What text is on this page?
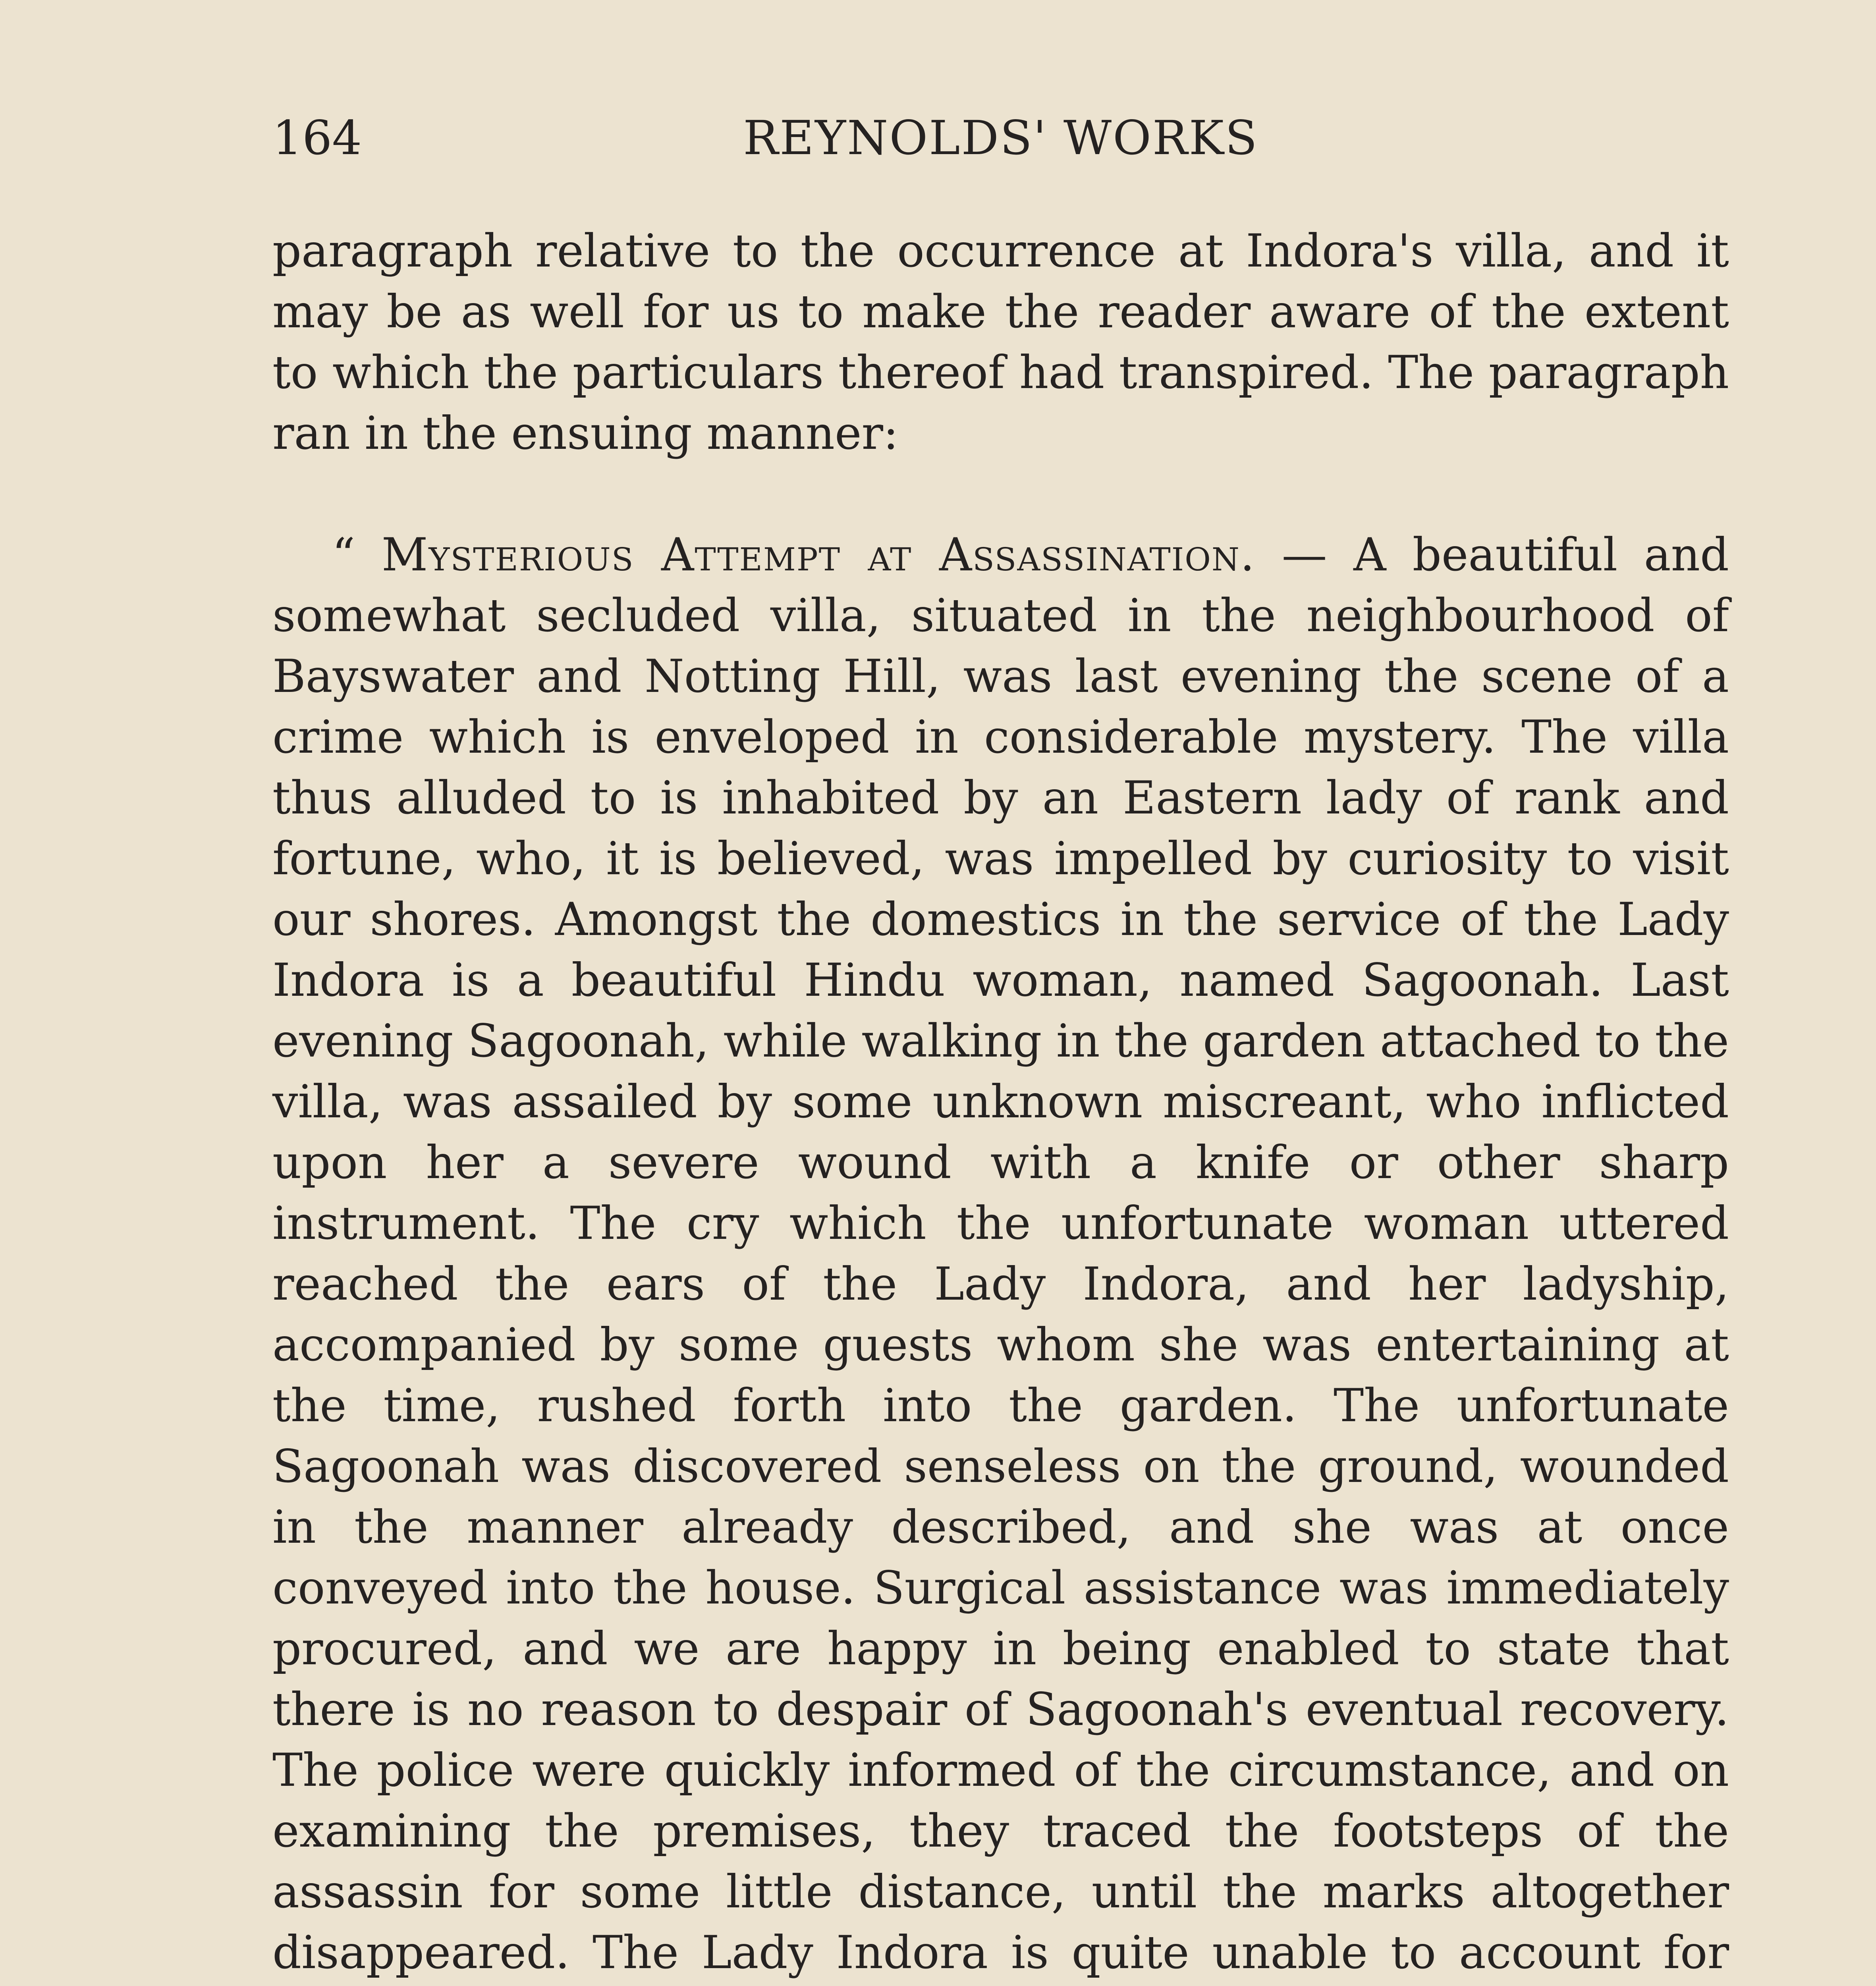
164	REYNOLDS' WORKS

paragraph relative to the occurrence at Indora's villa, and it may be as well for us to make the reader aware of the extent to which the particulars thereof had transpired. The paragraph ran in the ensuing manner:

“ Mysterious Attempt at Assassination. — A beautiful and somewhat secluded villa, situated in the neighbourhood of Bayswater and Notting Hill, was last evening the scene of a crime which is enveloped in considerable mystery. The villa thus alluded to is inhabited by an Eastern lady of rank and fortune, who, it is believed, was impelled by curiosity to visit our shores. Amongst the domestics in the service of the Lady Indora is a beautiful Hindu woman, named Sagoonah. Last evening Sagoonah, while walking in the garden attached to the villa, was assailed by some unknown miscreant, who inflicted upon her a severe wound with a knife or other sharp instrument. The cry which the unfortunate woman uttered reached the ears of the Lady Indora, and her ladyship, accompanied by some guests whom she was entertaining at the time, rushed forth into the garden. The unfortunate Sagoonah was discovered senseless on the ground, wounded in the manner already described, and she was at once conveyed into the house. Surgical assistance was immediately procured, and we are happy in being enabled to state that there is no reason to despair of Sagoonah's eventual recovery. The police were quickly informed of the circumstance, and on examining the premises, they traced the footsteps of the assassin for some little distance, until the marks altogether disappeared. The Lady Indora is quite unable to account for
